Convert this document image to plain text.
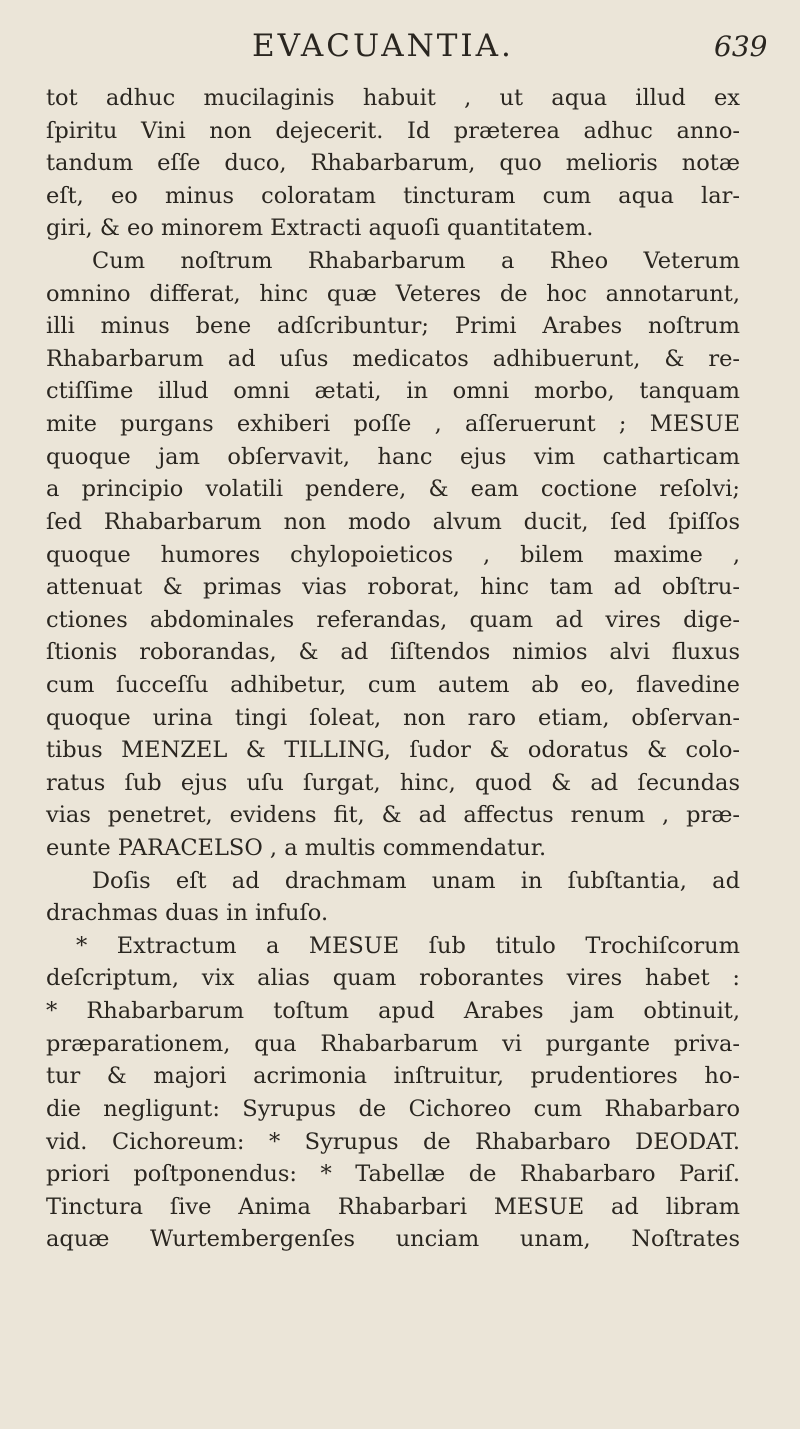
EVACUANTIA.	639
tot adhuc mucilaginis habuit , ut aqua illud ex
ſpiritu Vini non dejecerit. Id præterea adhuc anno-
tandum eſſe duco, Rhabarbarum, quo melioris notæ
eſt, eo minus coloratam tincturam cum aqua lar-
giri, & eo minorem Extracti aquoſi quantitatem.
Cum noſtrum Rhabarbarum a Rheo Veterum
omnino differat, hinc quæ Veteres de hoc annotarunt,
illi minus bene adſcribuntur; Primi Arabes noſtrum
Rhabarbarum ad uſus medicatos adhibuerunt, & re-
ctiſſime illud omni ætati, in omni morbo, tanquam
mite purgans exhiberi poſſe , aſſeruerunt ; MESUE
quoque jam obſervavit, hanc ejus vim catharticam
a principio volatili pendere, & eam coctione reſolvi;
ſed Rhabarbarum non modo alvum ducit, ſed ſpiſſos
quoque humores chylopoieticos , bilem maxime ,
attenuat & primas vias roborat, hinc tam ad obſtru-
ctiones abdominales referandas, quam ad vires dige-
ſtionis roborandas, & ad ſiſtendos nimios alvi fluxus
cum ſucceſſu adhibetur, cum autem ab eo, flavedine
quoque urina tingi ſoleat, non raro etiam, obſervan-
tibus MENZEL & TILLING, ſudor & odoratus & colo-
ratus ſub ejus uſu ſurgat, hinc, quod & ad ſecundas
vias penetret, evidens fit, & ad affectus renum , præ-
eunte PARACELSO , a multis commendatur.
Doſis eſt ad drachmam unam in ſubſtantia, ad
drachmas duas in infuſo.
* Extractum a MESUE ſub titulo Trochiſcorum
deſcriptum, vix alias quam roborantes vires habet :
* Rhabarbarum toſtum apud Arabes jam obtinuit,
præparationem, qua Rhabarbarum vi purgante priva-
tur & majori acrimonia inſtruitur, prudentiores ho-
die negligunt: Syrupus de Cichoreo cum Rhabarbaro
vid. Cichoreum: * Syrupus de Rhabarbaro DEODAT.
priori poſtponendus: * Tabellæ de Rhabarbaro Pariſ.
Tinctura ſive Anima Rhabarbari MESUE ad libram
aquæ Wurtembergenſes unciam unam, Noſtrates
